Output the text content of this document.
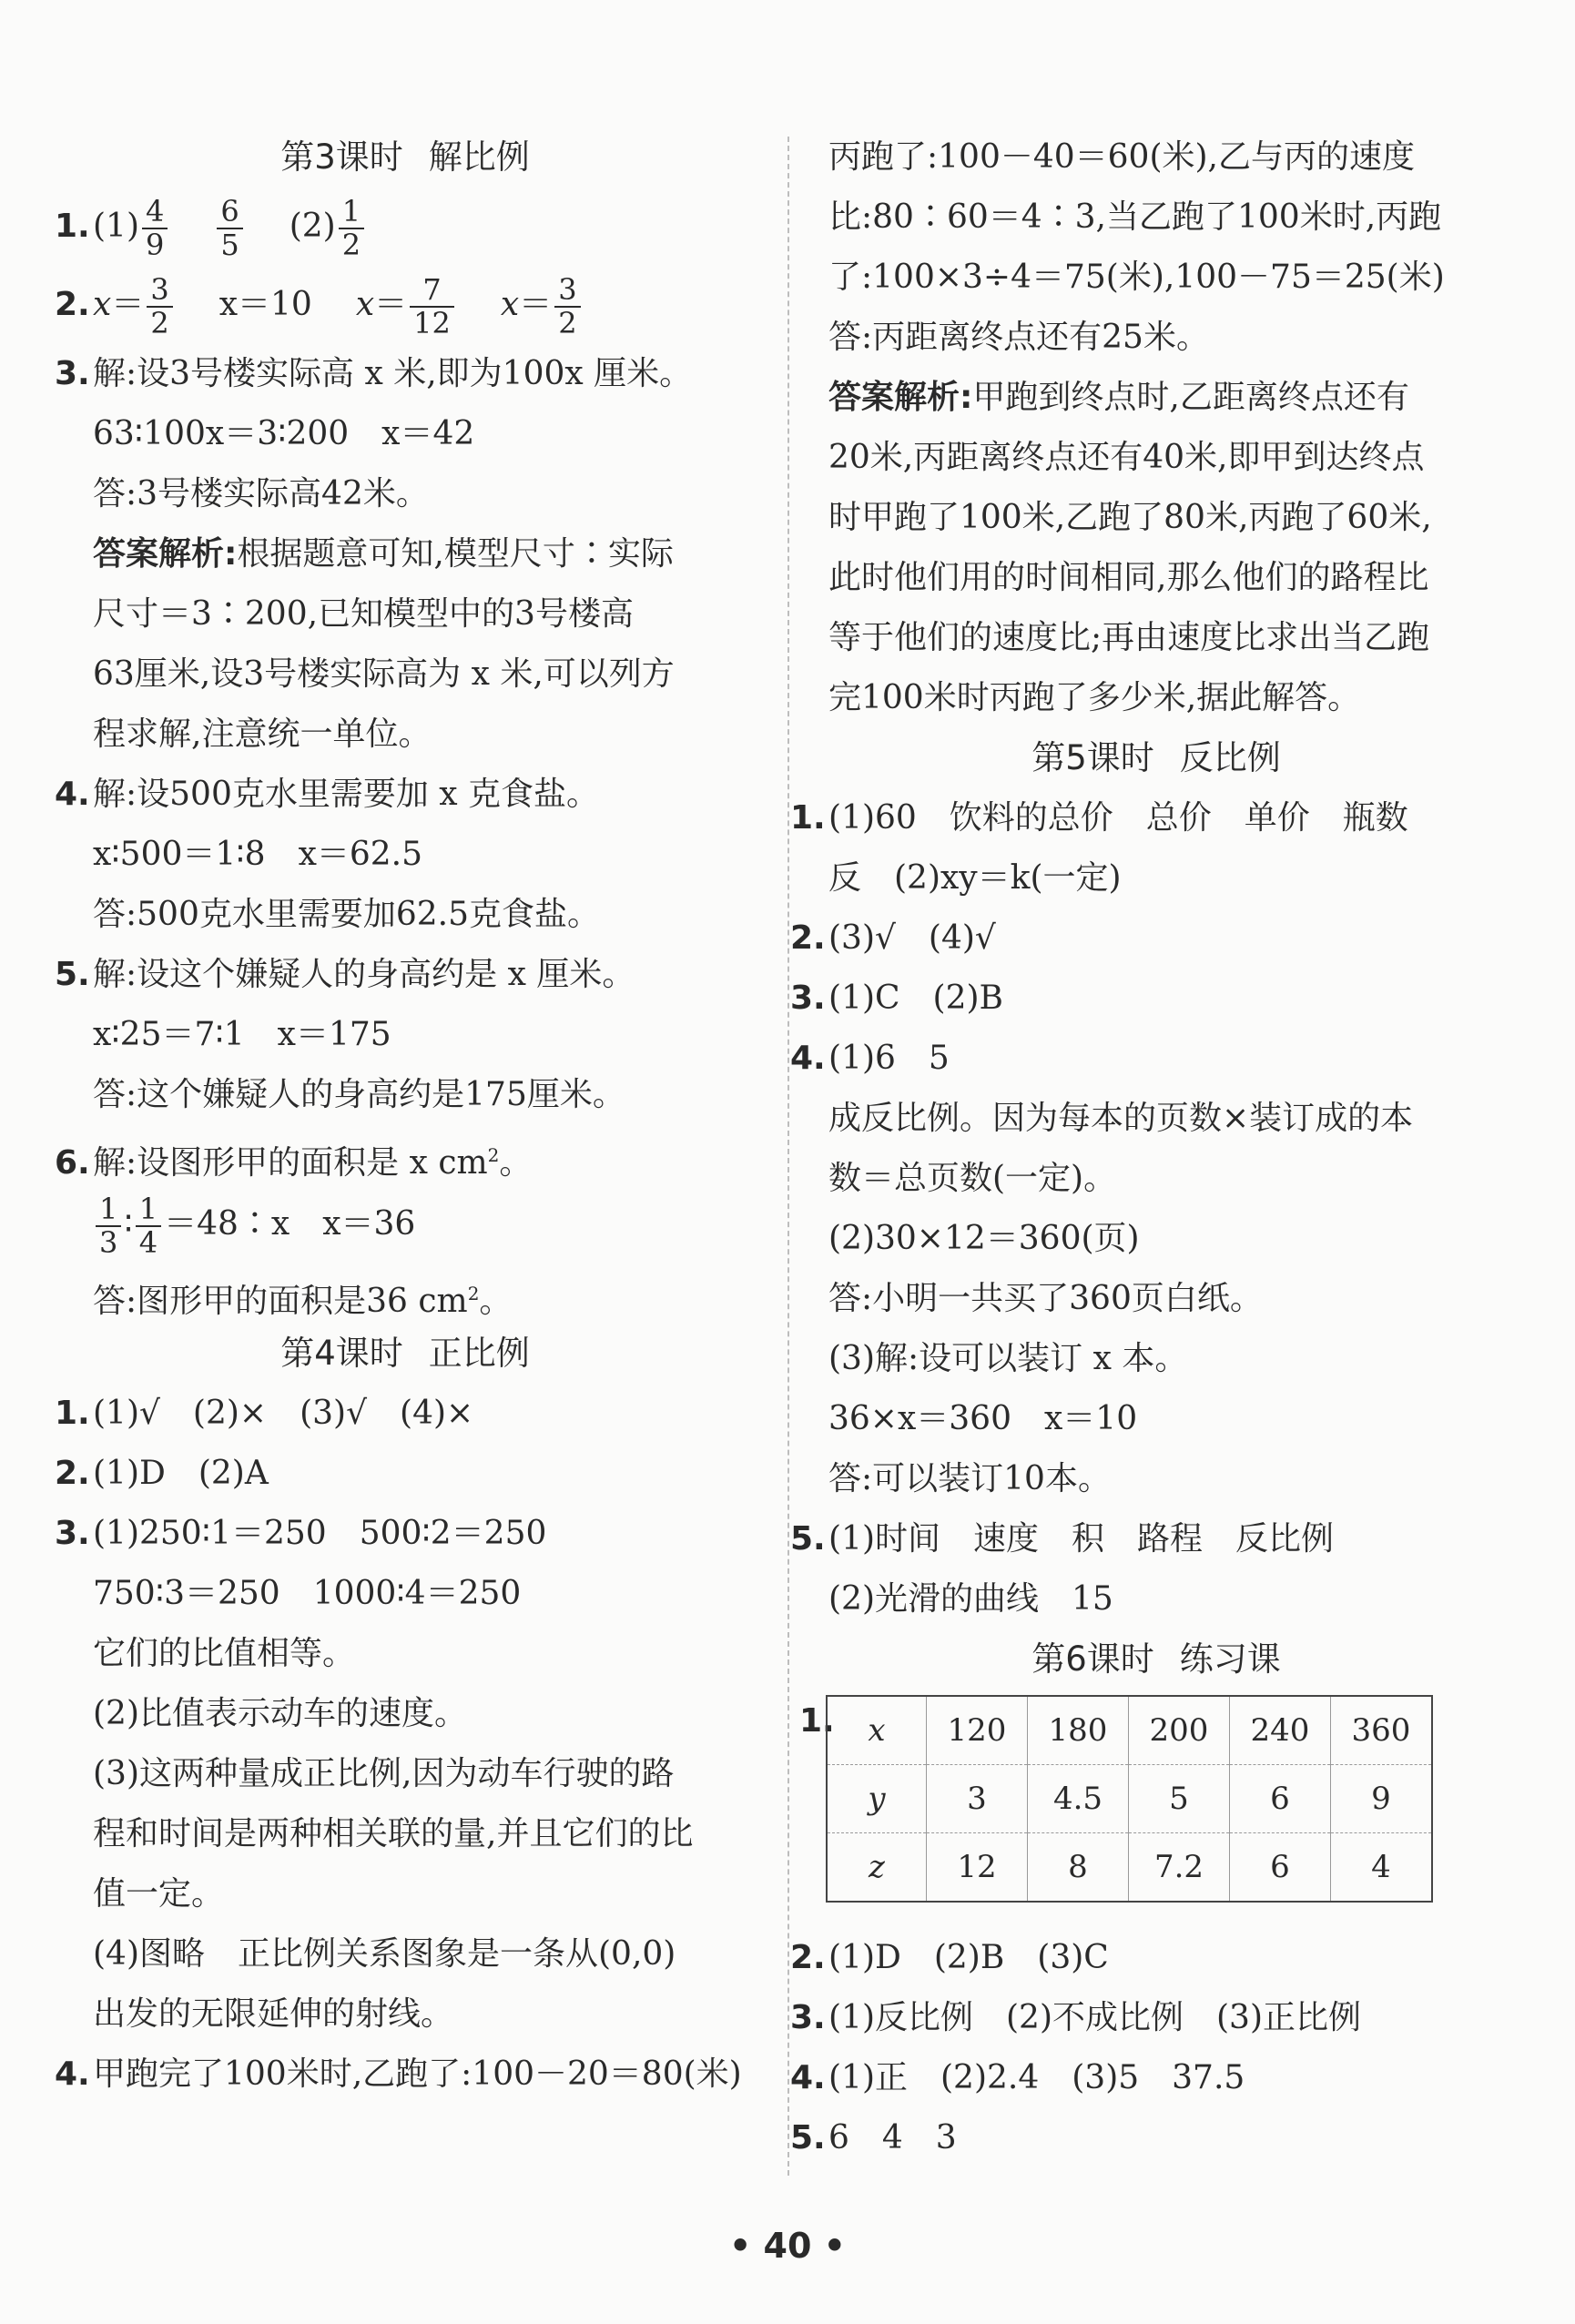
第3课时 解比例
$1.(1) \frac{4}{9} \frac{6}{5} (2) \frac{1}{2}$
$2.x= \frac{3}{2} x=10$ $x= \frac{7}{12} x= \frac{3}{2}$
3.解:设3号楼实际高 x 米,即为100x 厘米。
63∶100x＝3∶200　x＝42
答:3号楼实际高42米。
答案解析:根据题意可知,模型尺寸∶实际
尺寸＝3∶200,已知模型中的3号楼高
63厘米,设3号楼实际高为 x 米,可以列方
程求解,注意统一单位。
4.解:设500克水里需要加 x 克食盐。
x∶500＝1∶8　x＝62.5
答:500克水里需要加62.5克食盐。
5.解:设这个嫌疑人的身高约是 x 厘米。
x∶25＝7∶1　x＝175
答:这个嫌疑人的身高约是175厘米。
6.解:设图形甲的面积是 x $cm^2$。
$\frac{1}{3}$ ∶ $\frac{1}{4}$ ＝48∶x　x＝36
答:图形甲的面积是36 $cm^2$。
第4课时 正比例
1.(1)√　(2)×　(3)√　(4)×
2.(1)D　(2)A
3.(1)250∶1＝250　500∶2＝250
750∶3＝250　1000∶4＝250
它们的比值相等。
(2)比值表示动车的速度。
(3)这两种量成正比例,因为动车行驶的路
程和时间是两种相关联的量,并且它们的比
值一定。
(4)图略　正比例关系图象是一条从(0,0)
出发的无限延伸的射线。
4.甲跑完了100米时,乙跑了:100－20＝80(米)
丙跑了:100－40＝60(米),乙与丙的速度
比:80∶60＝4∶3,当乙跑了100米时,丙跑
了:100×3÷4＝75(米),100－75＝25(米)
答:丙距离终点还有25米。
答案解析:甲跑到终点时,乙距离终点还有
20米,丙距离终点还有40米,即甲到达终点
时甲跑了100米,乙跑了80米,丙跑了60米,
此时他们用的时间相同,那么他们的路程比
等于他们的速度比;再由速度比求出当乙跑
完100米时丙跑了多少米,据此解答。
第5课时 反比例
1.(1)60　饮料的总价　总价　单价　瓶数
反　(2)xy＝k(一定)
2.(3)√　(4)√
3.(1)C　(2)B
4.(1)6　5
成反比例。因为每本的页数×装订成的本
数＝总页数(一定)。
(2)30×12＝360(页)
答:小明一共买了360页白纸。
(3)解:设可以装订 x 本。
36×x＝360　x＝10
答:可以装订10本。
5.(1)时间　速度　积　路程　反比例
(2)光滑的曲线　15
第6课时 练习课
1. x	120	180	200	240	360
y	3	4.5	5	6	9
z	12	8	7.2	6	4
2.(1)D　(2)B　(3)C
3.(1)反比例　(2)不成比例　(3)正比例
4.(1)正　(2)2.4　(3)5　37.5
5.6　4　3
• 40 •
